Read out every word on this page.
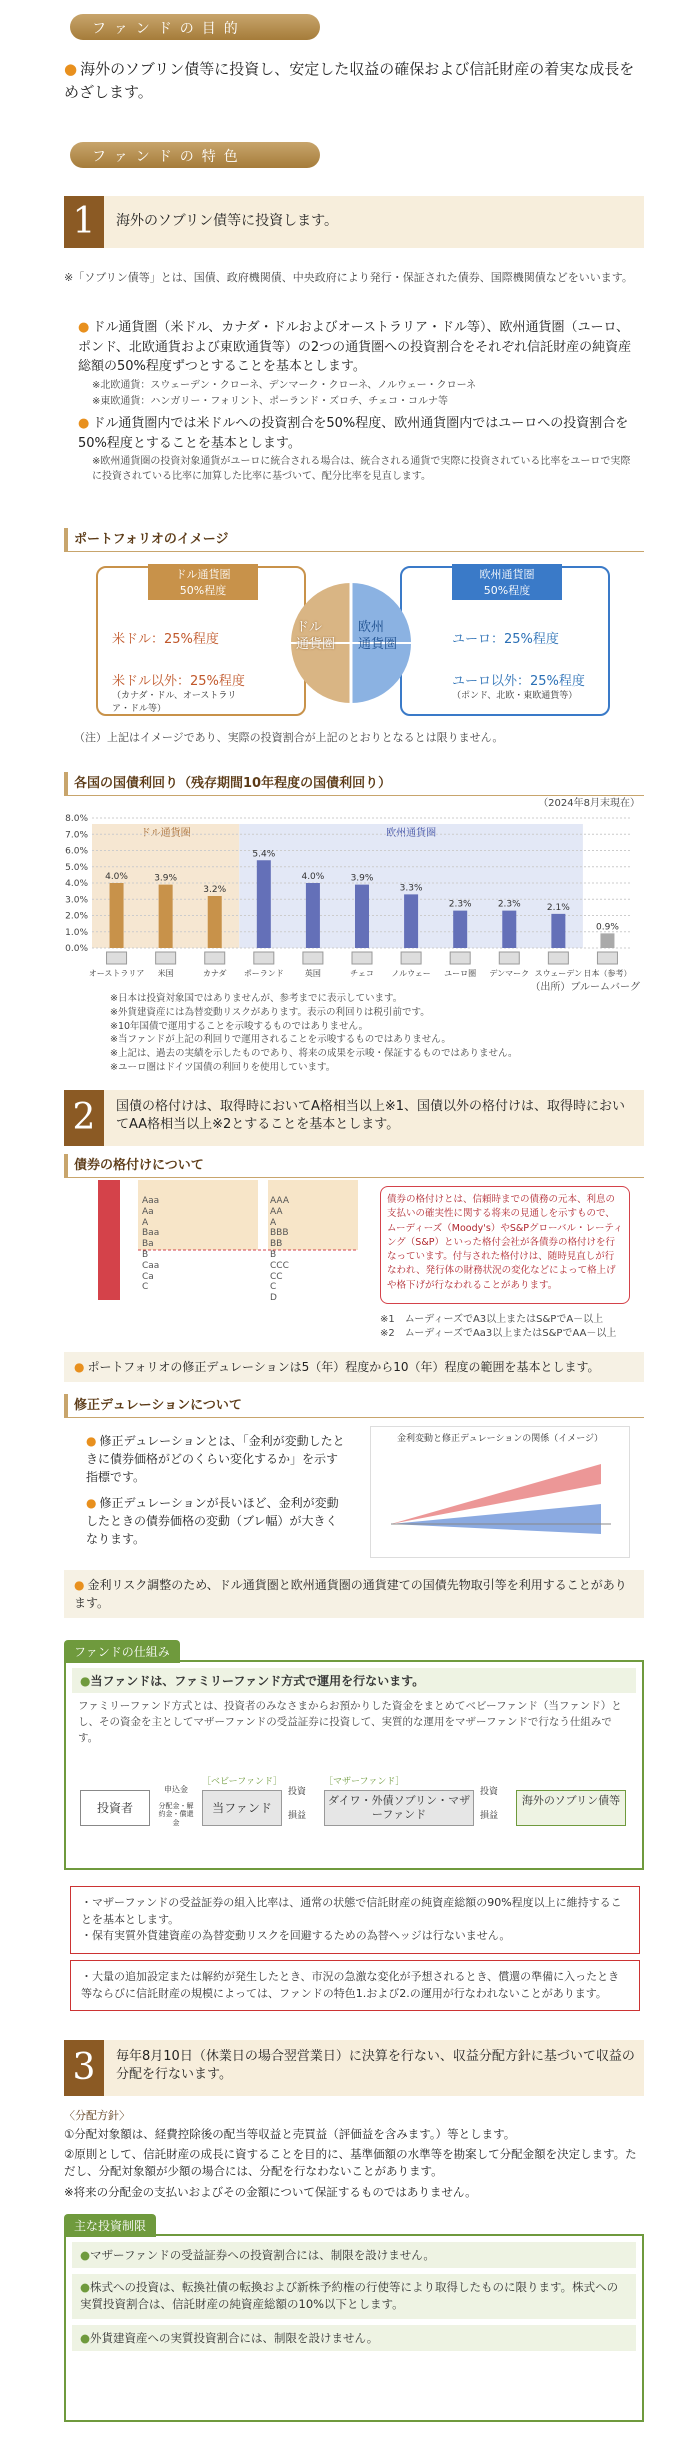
ファンドの目的
● 海外のソブリン債等に投資し、安定した収益の確保および信託財産の着実な成長をめざします。
ファンドの特色
1	海外のソブリン債等に投資します。
※「ソブリン債等」とは、国債、政府機関債、中央政府により発行・保証された債券、国際機関債などをいいます。
● ドル通貨圏（米ドル、カナダ・ドルおよびオーストラリア・ドル等）、欧州通貨圏（ユーロ、ポンド、北欧通貨および東欧通貨等）の2つの通貨圏への投資割合をそれぞれ信託財産の純資産総額の50%程度ずつとすることを基本とします。
※北欧通貨：スウェーデン・クローネ、デンマーク・クローネ、ノルウェー・クローネ
※東欧通貨：ハンガリー・フォリント、ポーランド・ズロチ、チェコ・コルナ等
● ドル通貨圏内では米ドルへの投資割合を50%程度、欧州通貨圏内ではユーロへの投資割合を50%程度とすることを基本とします。
※欧州通貨圏の投資対象通貨がユーロに統合される場合は、統合される通貨で実際に投資されている比率をユーロで実際に投資されている比率に加算した比率に基づいて、配分比率を見直します。
ポートフォリオのイメージ
ドル通貨圏
50%程度
米ドル：25%程度
米ドル以外：25%程度
（カナダ・ドル、オーストラリア・ドル等）
欧州通貨圏
50%程度
ユーロ：25%程度
ユーロ以外：25%程度
（ポンド、北欧・東欧通貨等）
ドル
通貨圏
欧州
通貨圏
（注）上記はイメージであり、実際の投資割合が上記のとおりとなるとは限りません。
各国の国債利回り（残存期間10年程度の国債利回り）
（2024年8月末現在）
ドル通貨圏	欧州通貨圏
0.0%
1.0%
2.0%
3.0%
4.0%
5.0%
6.0%
7.0%
8.0%
4.0%
オーストラリア
3.9%
米国
3.2%
カナダ
5.4%
ポーランド
4.0%
英国
3.9%
チェコ
3.3%
ノルウェー
2.3%
ユーロ圏
2.3%
デンマーク
2.1%
スウェーデン
0.9%
日本（参考）
（出所）ブルームバーグ
※日本は投資対象国ではありませんが、参考までに表示しています。
※外貨建資産には為替変動リスクがあります。表示の利回りは税引前です。
※10年国債で運用することを示唆するものではありません。
※当ファンドが上記の利回りで運用されることを示唆するものではありません。
※上記は、過去の実績を示したものであり、将来の成果を示唆・保証するものではありません。
※ユーロ圏はドイツ国債の利回りを使用しています。
2	国債の格付けは、取得時においてA格相当以上※1、国債以外の格付けは、取得時においてAA格相当以上※2とすることを基本とします。
債券の格付けについて
Aaa
Aa
A
Baa
Ba
B
Caa
Ca
C
AAA
AA
A
BBB
BB
B
CCC
CC
C
D
債券の格付けとは、信頼時までの債務の元本、利息の支払いの確実性に関する将来の見通しを示すもので、ムーディーズ（Moody's）やS&Pグローバル・レーティング（S&P）といった格付会社が各債券の格付けを行なっています。付与された格付けは、随時見直しが行なわれ、発行体の財務状況の変化などによって格上げや格下げが行なわれることがあります。
※1　ムーディーズでA3以上またはS&PでA－以上
※2　ムーディーズでAa3以上またはS&PでAA－以上
● ポートフォリオの修正デュレーションは5（年）程度から10（年）程度の範囲を基本とします。
修正デュレーションについて
● 修正デュレーションとは、「金利が変動したときに債券価格がどのくらい変化するか」を示す指標です。
● 修正デュレーションが長いほど、金利が変動したときの債券価格の変動（ブレ幅）が大きくなります。
金利変動と修正デュレーションの関係（イメージ）
● 金利リスク調整のため、ドル通貨圏と欧州通貨圏の通貨建ての国債先物取引等を利用することがあります。
ファンドの仕組み
●当ファンドは、ファミリーファンド方式で運用を行ないます。
ファミリーファンド方式とは、投資者のみなさまからお預かりした資金をまとめてベビーファンド（当ファンド）とし、その資金を主としてマザーファンドの受益証券に投資して、実質的な運用をマザーファンドで行なう仕組みです。
投資者
申込金
分配金・解約金・償還金
［ベビーファンド］
当ファンド
投資
損益
［マザーファンド］
ダイワ・外債ソブリン・マザーファンド
投資
損益
海外のソブリン債等
・マザーファンドの受益証券の組入比率は、通常の状態で信託財産の純資産総額の90%程度以上に維持することを基本とします。
・保有実質外貨建資産の為替変動リスクを回避するための為替ヘッジは行ないません。
・大量の追加設定または解約が発生したとき、市況の急激な変化が予想されるとき、償還の準備に入ったとき等ならびに信託財産の規模によっては、ファンドの特色1.および2.の運用が行なわれないことがあります。
3	毎年8月10日（休業日の場合翌営業日）に決算を行ない、収益分配方針に基づいて収益の分配を行ないます。
〈分配方針〉
①分配対象額は、経費控除後の配当等収益と売買益（評価益を含みます。）等とします。
②原則として、信託財産の成長に資することを目的に、基準価額の水準等を勘案して分配金額を決定します。ただし、分配対象額が少額の場合には、分配を行なわないことがあります。
※将来の分配金の支払いおよびその金額について保証するものではありません。
主な投資制限
●マザーファンドの受益証券への投資割合には、制限を設けません。
●株式への投資は、転換社債の転換および新株予約権の行使等により取得したものに限ります。株式への実質投資割合は、信託財産の純資産総額の10%以下とします。
●外貨建資産への実質投資割合には、制限を設けません。
